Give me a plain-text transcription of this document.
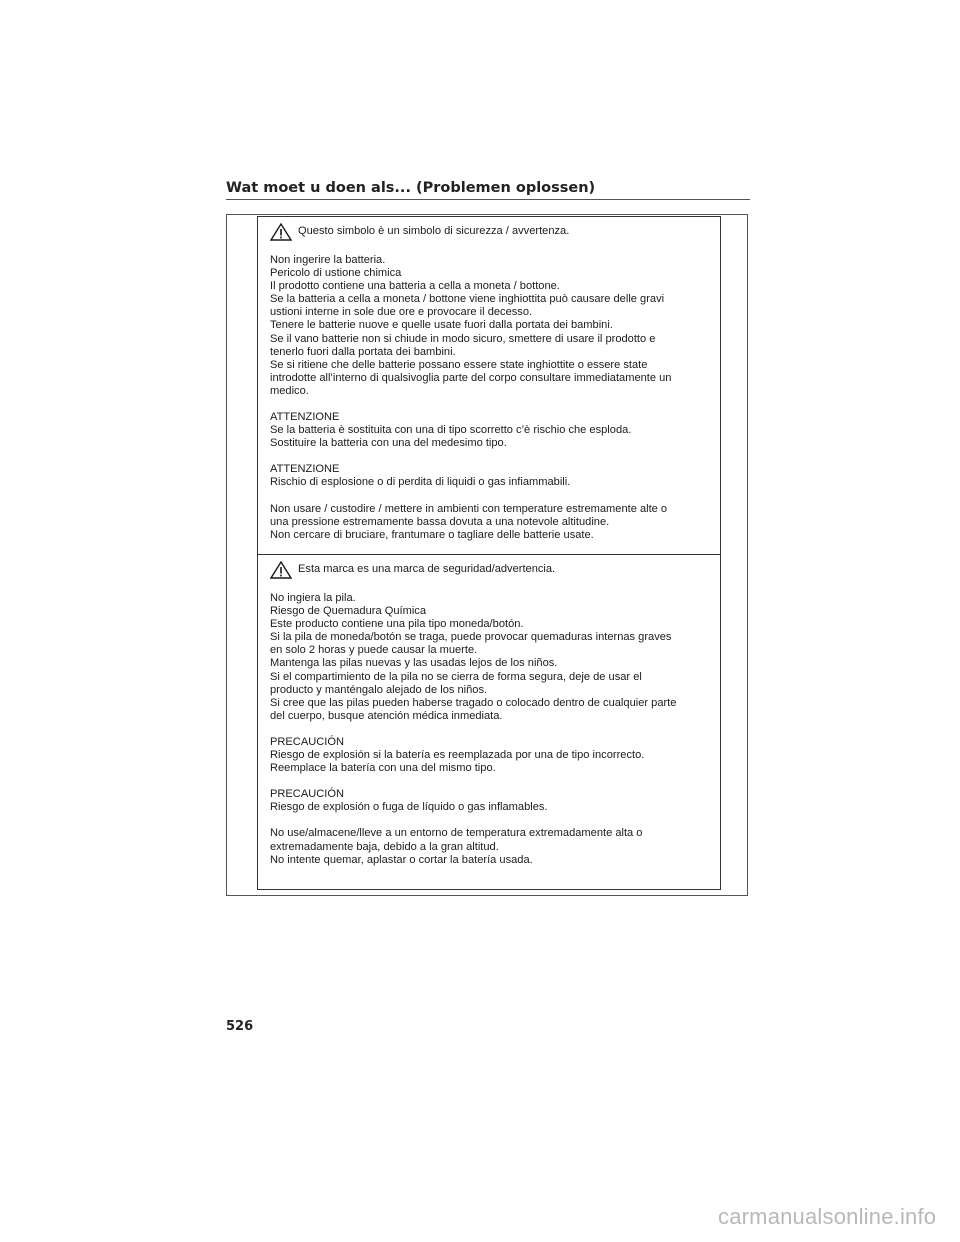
Wat moet u doen als... (Problemen oplossen)
Questo simbolo è un simbolo di sicurezza / avvertenza.

Non ingerire la batteria.
Pericolo di ustione chimica
Il prodotto contiene una batteria a cella a moneta / bottone.
Se la batteria a cella a moneta / bottone viene inghiottita può causare delle gravi
ustioni interne in sole due ore e provocare il decesso.
Tenere le batterie nuove e quelle usate fuori dalla portata dei bambini.
Se il vano batterie non si chiude in modo sicuro, smettere di usare il prodotto e
tenerlo fuori dalla portata dei bambini.
Se si ritiene che delle batterie possano essere state inghiottite o essere state
introdotte all’interno di qualsivoglia parte del corpo consultare immediatamente un
medico.

ATTENZIONE
Se la batteria è sostituita con una di tipo scorretto c’è rischio che esploda.
Sostituire la batteria con una del medesimo tipo.

ATTENZIONE
Rischio di esplosione o di perdita di liquidi o gas infiammabili.

Non usare / custodire / mettere in ambienti con temperature estremamente alte o
una pressione estremamente bassa dovuta a una notevole altitudine.
Non cercare di bruciare, frantumare o tagliare delle batterie usate.

Esta marca es una marca de seguridad/advertencia.

No ingiera la pila.
Riesgo de Quemadura Química
Este producto contiene una pila tipo moneda/botón.
Si la pila de moneda/botón se traga, puede provocar quemaduras internas graves
en solo 2 horas y puede causar la muerte.
Mantenga las pilas nuevas y las usadas lejos de los niños.
Si el compartimiento de la pila no se cierra de forma segura, deje de usar el
producto y manténgalo alejado de los niños.
Si cree que las pilas pueden haberse tragado o colocado dentro de cualquier parte
del cuerpo, busque atención médica inmediata.

PRECAUCIÓN
Riesgo de explosión si la batería es reemplazada por una de tipo incorrecto.
Reemplace la batería con una del mismo tipo.

PRECAUCIÓN
Riesgo de explosión o fuga de líquido o gas inflamables.

No use/almacene/lleve a un entorno de temperatura extremadamente alta o
extremadamente baja, debido a la gran altitud.
No intente quemar, aplastar o cortar la batería usada.

526
carmanualsonline.info
